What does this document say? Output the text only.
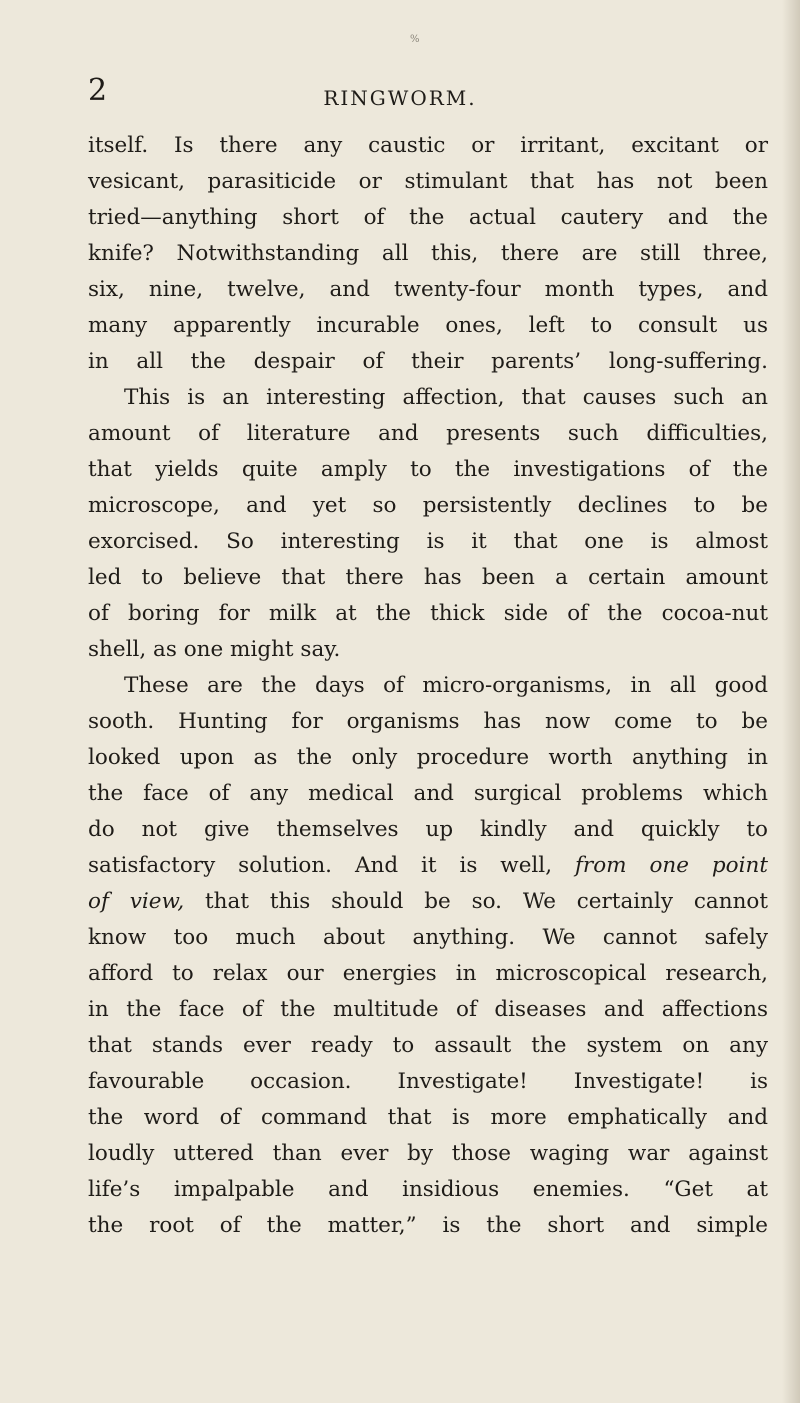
%
2	RINGWORM.
itself. Is there any caustic or irritant, excitant or
vesicant, parasiticide or stimulant that has not been
tried—anything short of the actual cautery and the
knife? Notwithstanding all this, there are still three,
six, nine, twelve, and twenty-four month types, and
many apparently incurable ones, left to consult us
in all the despair of their parents’ long-suffering.
This is an interesting affection, that causes such an
amount of literature and presents such difficulties,
that yields quite amply to the investigations of the
microscope, and yet so persistently declines to be
exorcised. So interesting is it that one is almost
led to believe that there has been a certain amount
of boring for milk at the thick side of the cocoa-nut
shell, as one might say.
These are the days of micro-organisms, in all good
sooth. Hunting for organisms has now come to be
looked upon as the only procedure worth anything in
the face of any medical and surgical problems which
do not give themselves up kindly and quickly to
satisfactory solution. And it is well, from one point
of view, that this should be so. We certainly cannot
know too much about anything. We cannot safely
afford to relax our energies in microscopical research,
in the face of the multitude of diseases and affections
that stands ever ready to assault the system on any
favourable occasion. Investigate! Investigate! is
the word of command that is more emphatically and
loudly uttered than ever by those waging war against
life’s impalpable and insidious enemies. “Get at
the root of the matter,” is the short and simple
